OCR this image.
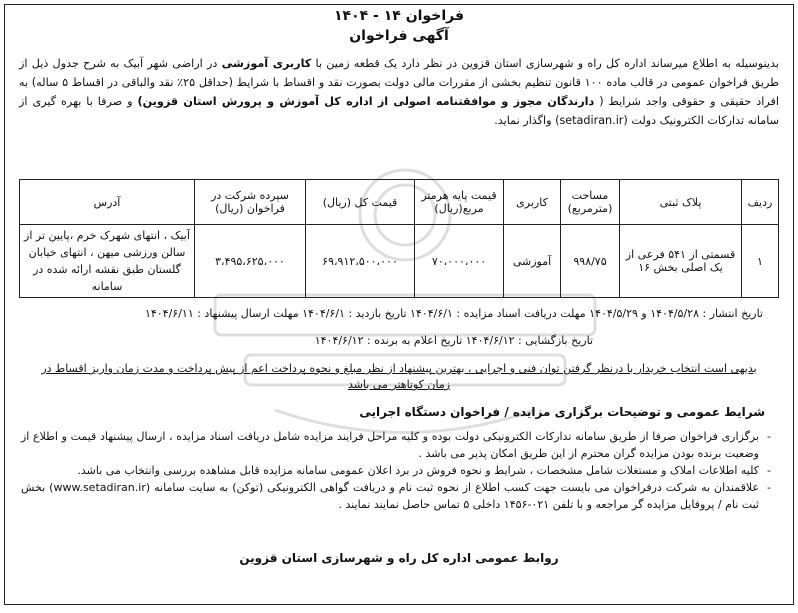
فراخوان ۱۴ - ۱۴۰۴
آگهی فراخوان
بدینوسیله به اطلاع میرساند اداره کل راه و شهرسازی استان قزوین در نظر دارد یک قطعه زمین با کاربری آموزشی در اراضی شهر آبیک به شرح جدول ذیل از طریق فراخوان عمومی در قالب ماده ۱۰۰ قانون تنظیم بخشی از مقررات مالی دولت بصورت نقد و اقساط با شرایط (حداقل ۲۵٪ نقد والباقی در اقساط ۵ ساله) به افراد حقیقی و حقوقی واجد شرایط ( دارندگان مجوز و موافقتنامه اصولی از اداره کل آموزش و پرورش استان قزوین) و صرفا با بهره گیری از سامانه تدارکات الکترونیک دولت (setadiran.ir) واگذار نماید.
ردیف	پلاک ثبتی	مساحت (مترمربع)	کاربری	قیمت پایه هرمتر مربع(ریال)	قیمت کل (ریال)	سپرده شرکت در فراخوان (ریال)	آدرس
۱	قسمتی از ۵۴۱ فرعی از یک اصلی بخش ۱۶	۹۹۸/۷۵	آموزشی	۷۰،۰۰۰،۰۰۰	۶۹،۹۱۲،۵۰۰،۰۰۰	۳،۴۹۵،۶۲۵،۰۰۰	آبیک ، انتهای شهرک خرم ،پایین تر از سالن ورزشی میهن ، انتهای خیابان گلستان طبق نقشه ارائه شده در سامانه
تاریخ انتشار : ۱۴۰۴/۵/۲۸ و ۱۴۰۴/۵/۲۹ مهلت دریافت اسناد مزایده : ۱۴۰۴/۶/۱ تاریخ بازدید : ۱۴۰۴/۶/۱ مهلت ارسال پیشنهاد : ۱۴۰۴/۶/۱۱
تاریخ بازگشایی : ۱۴۰۴/۶/۱۲ تاریخ اعلام به برنده : ۱۴۰۴/۶/۱۲
بدیهی است انتخاب خریدار با درنظر گرفتن توان فنی و اجرایی ، بهترین پیشنهاد از نظر مبلغ و نحوه پرداخت اعم از پیش پرداخت و مدت زمان واریز اقساط در زمان کوتاهتر می باشد
شرایط عمومی و توضیحات برگزاری مزایده / فراخوان دستگاه اجرایی
- برگزاری فراخوان صرفا از طریق سامانه تدارکات الکترونیکی دولت بوده و کلیه مراحل فرایند مزایده شامل دریافت اسناد مزایده ، ارسال پیشنهاد قیمت و اطلاع از وضعیت برنده بودن مزایده گران محترم از این طریق امکان پذیر می باشد .
- کلیه اطلاعات املاک و مستغلات شامل مشخصات ، شرایط و نحوه فروش در برد اعلان عمومی سامانه مزایده قابل مشاهده بررسی وانتخاب می باشد.
- علاقمندان به شرکت درفراخوان می بایست جهت کسب اطلاع از نحوه ثبت نام و دریافت گواهی الکترونیکی (توکن) به سایت سامانه (www.setadiran.ir) بخش ثبت نام / پروفایل مزایده گر مراجعه و با تلفن ۰۲۱-۱۴۵۶ داخلی ۵ تماس حاصل نمایند نمایند .
روابط عمومی اداره کل راه و شهرسازی استان قزوین
